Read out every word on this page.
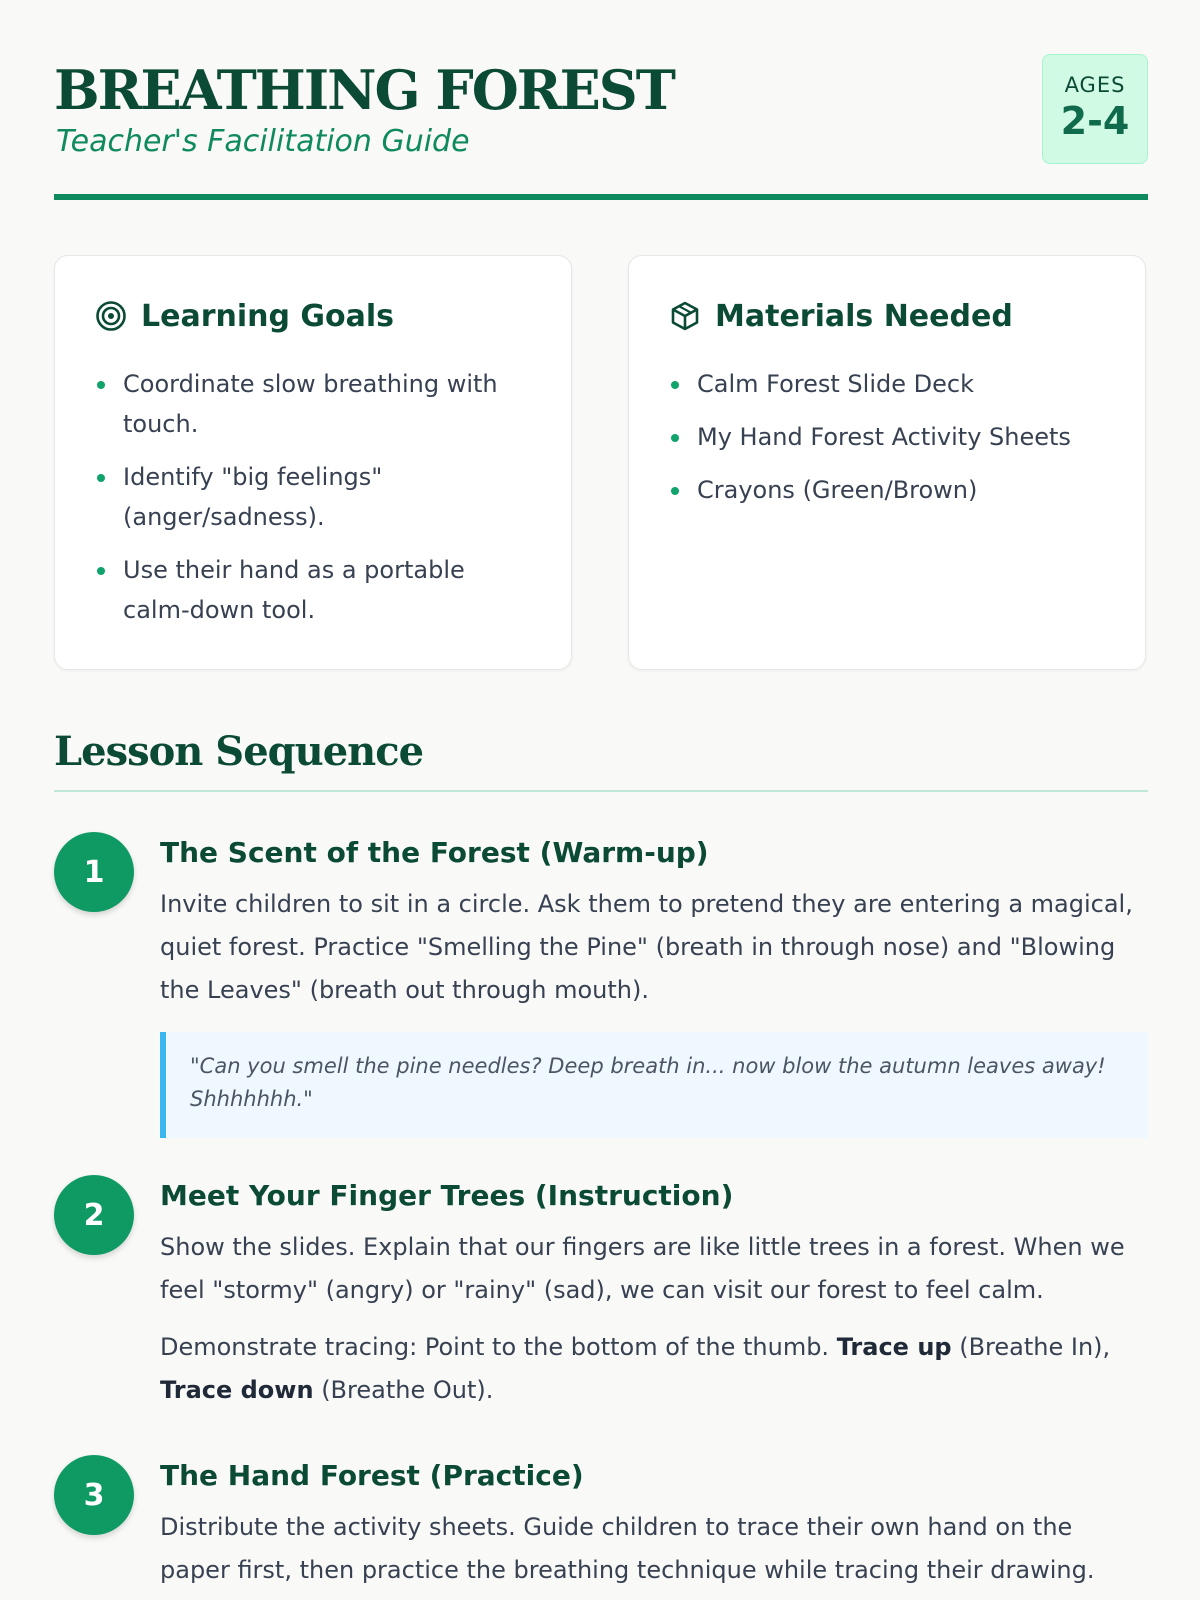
BREATHING FOREST
Teacher's Facilitation Guide
AGES
2-4
Learning Goals
Coordinate slow breathing with touch.
Identify "big feelings" (anger/sadness).
Use their hand as a portable calm-down tool.
Materials Needed
Calm Forest Slide Deck
My Hand Forest Activity Sheets
Crayons (Green/Brown)
Lesson Sequence
1
The Scent of the Forest (Warm-up)
Invite children to sit in a circle. Ask them to pretend they are entering a magical, quiet forest. Practice "Smelling the Pine" (breath in through nose) and "Blowing the Leaves" (breath out through mouth).
"Can you smell the pine needles? Deep breath in... now blow the autumn leaves away! Shhhhhhh."
2
Meet Your Finger Trees (Instruction)
Show the slides. Explain that our fingers are like little trees in a forest. When we feel "stormy" (angry) or "rainy" (sad), we can visit our forest to feel calm.
Demonstrate tracing: Point to the bottom of the thumb. Trace up (Breathe In), Trace down (Breathe Out).
3
The Hand Forest (Practice)
Distribute the activity sheets. Guide children to trace their own hand on the paper first, then practice the breathing technique while tracing their drawing.
